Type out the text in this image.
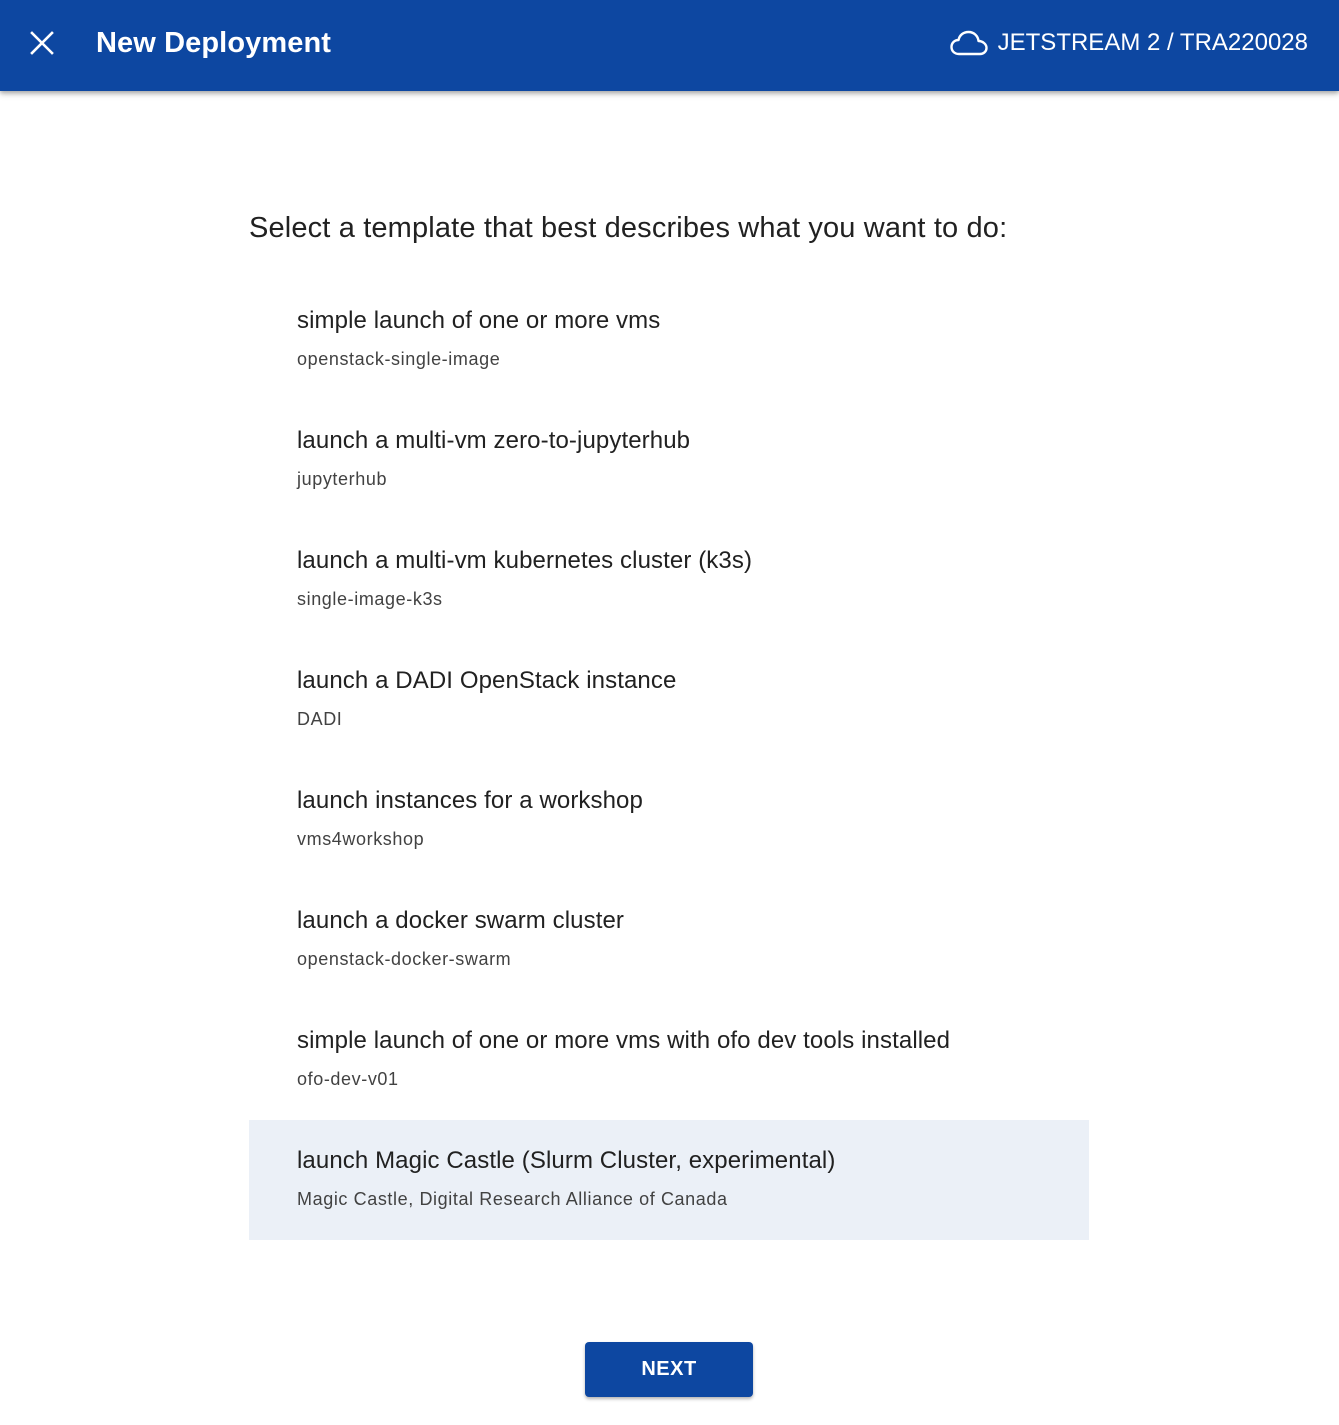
New Deployment	JETSTREAM 2 / TRA220028
Select a template that best describes what you want to do:
simple launch of one or more vms
openstack-single-image
launch a multi-vm zero-to-jupyterhub
jupyterhub
launch a multi-vm kubernetes cluster (k3s)
single-image-k3s
launch a DADI OpenStack instance
DADI
launch instances for a workshop
vms4workshop
launch a docker swarm cluster
openstack-docker-swarm
simple launch of one or more vms with ofo dev tools installed
ofo-dev-v01
launch Magic Castle (Slurm Cluster, experimental)
Magic Castle, Digital Research Alliance of Canada
NEXT
